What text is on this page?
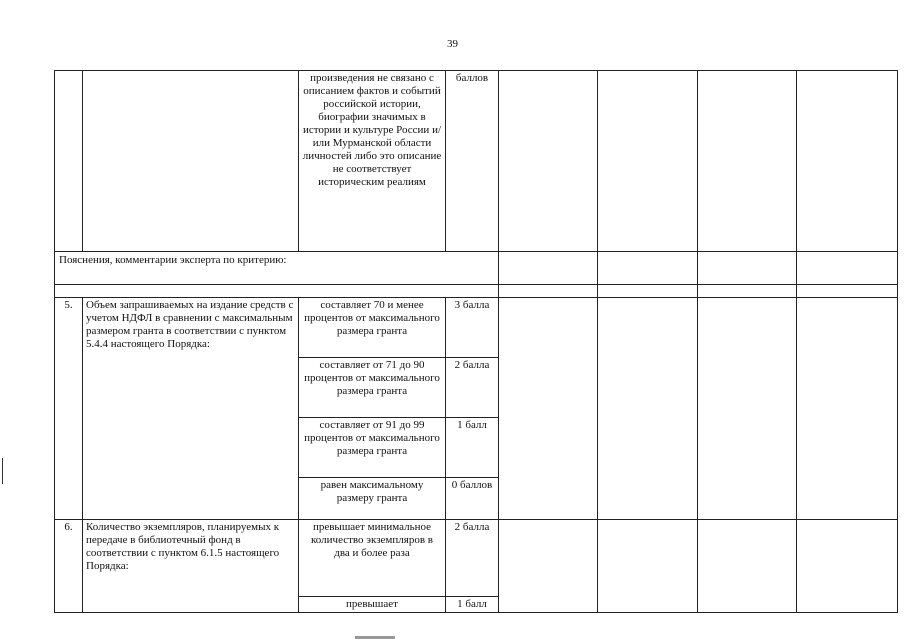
39
		произведения не связано с описанием фактов и событий российской истории, биографии значимых в истории и культуре России и/или Мурманской области личностей либо это описание не соответствует историческим реалиям	баллов				
Пояснения, комментарии эксперта по критерию:							

5.	Объем запрашиваемых на издание средств с учетом НДФЛ в сравнении с максимальным размером гранта в соответствии с пунктом 5.4.4 настоящего Порядка:	составляет 70 и менее процентов от максимального размера гранта	3 балла				
		составляет от 71 до 90 процентов от максимального размера гранта	2 балла				
		составляет от 91 до 99 процентов от максимального размера гранта	1 балл				
		равен максимальному размеру гранта	0 баллов				
6.	Количество экземпляров, планируемых к передаче в библиотечный фонд в соответствии с пунктом 6.1.5 настоящего Порядка:	превышает минимальное количество экземпляров в два и более раза	2 балла				
		превышает	1 балл				
